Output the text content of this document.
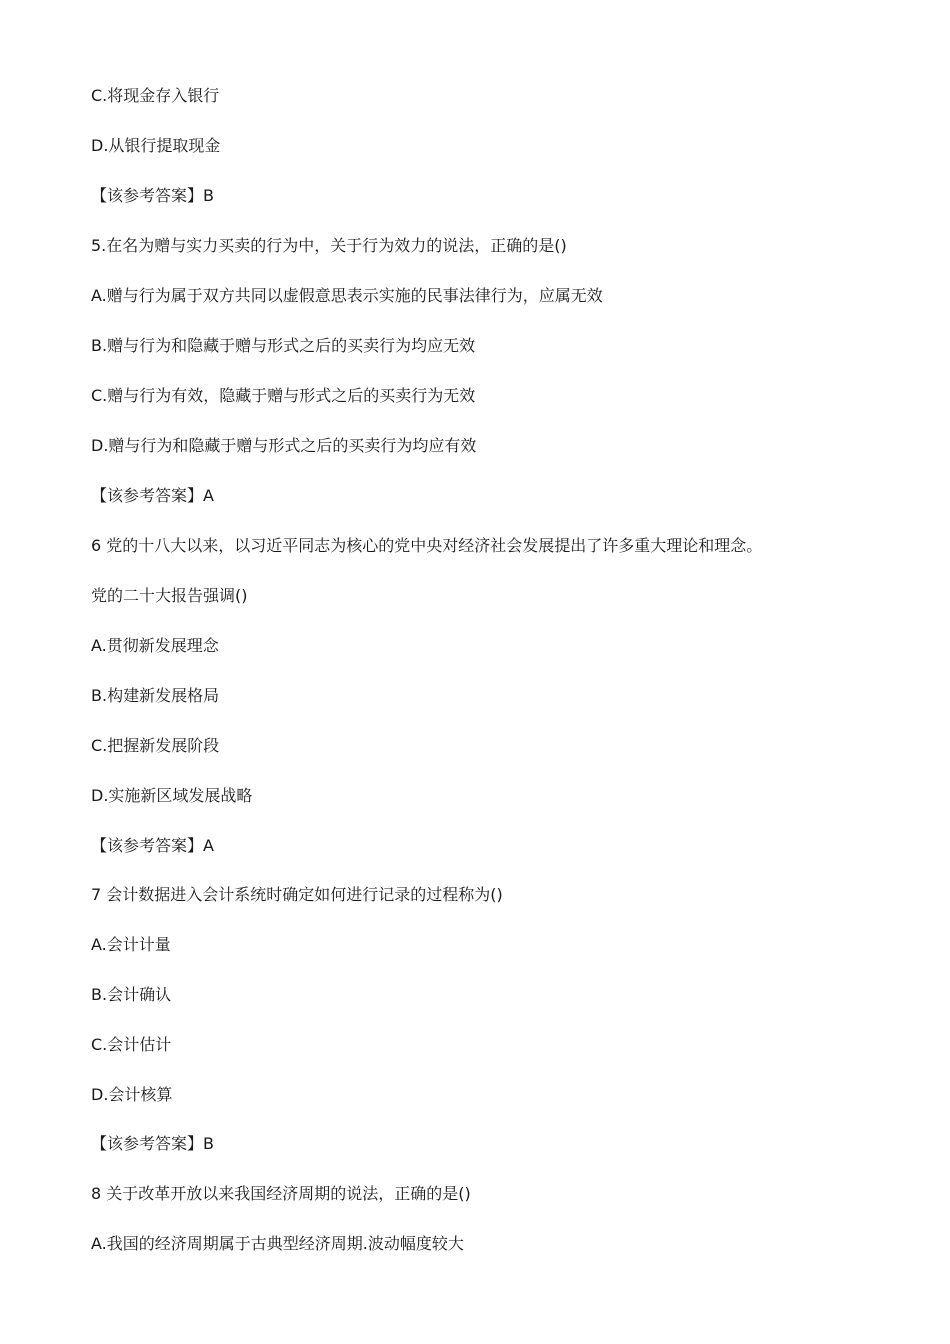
C.将现金存入银行
D.从银行提取现金
【该参考答案】B
5.在名为赠与实力买卖的行为中，关于行为效力的说法，正确的是()
A.赠与行为属于双方共同以虚假意思表示实施的民事法律行为，应属无效
B.赠与行为和隐藏于赠与形式之后的买卖行为均应无效
C.赠与行为有效，隐藏于赠与形式之后的买卖行为无效
D.赠与行为和隐藏于赠与形式之后的买卖行为均应有效
【该参考答案】A
6 党的十八大以来，以习近平同志为核心的党中央对经济社会发展提出了许多重大理论和理念。
党的二十大报告强调()
A.贯彻新发展理念
B.构建新发展格局
C.把握新发展阶段
D.实施新区域发展战略
【该参考答案】A
7 会计数据进入会计系统时确定如何进行记录的过程称为()
A.会计计量
B.会计确认
C.会计估计
D.会计核算
【该参考答案】B
8 关于改革开放以来我国经济周期的说法，正确的是()
A.我国的经济周期属于古典型经济周期.波动幅度较大
